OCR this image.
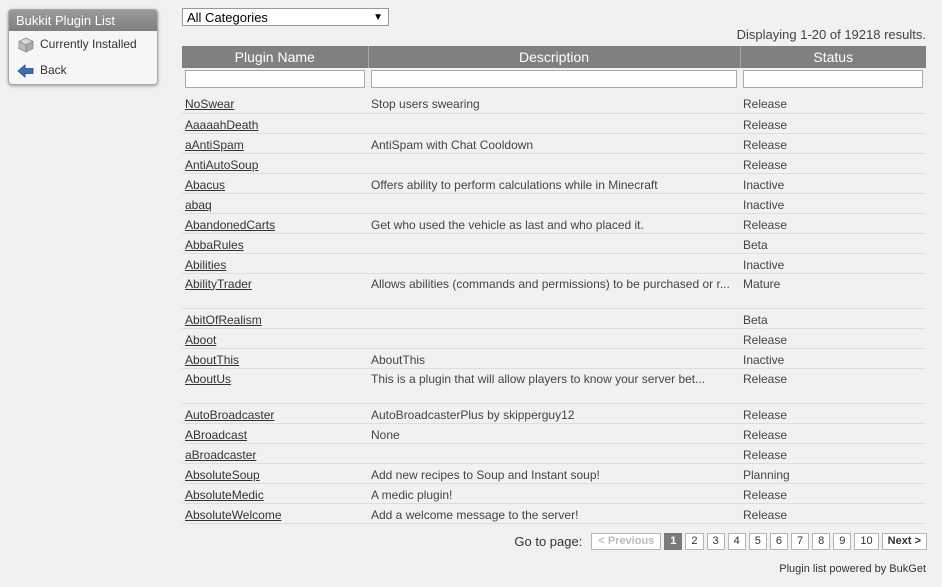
Bukkit Plugin List
Currently Installed
Back
All Categories	▼
Displaying 1-20 of 19218 results.
Plugin Name	Description	Status

NoSwear	Stop users swearing	Release
AaaaahDeath		Release
aAntiSpam	AntiSpam with Chat Cooldown	Release
AntiAutoSoup		Release
Abacus	Offers ability to perform calculations while in Minecraft	Inactive
abaq		Inactive
AbandonedCarts	Get who used the vehicle as last and who placed it.	Release
AbbaRules		Beta
Abilities		Inactive
AbilityTrader	Allows abilities (commands and permissions) to be purchased or r...	Mature
AbitOfRealism		Beta
Aboot		Release
AboutThis	AboutThis	Inactive
AboutUs	This is a plugin that will allow players to know your server bet...	Release
AutoBroadcaster	AutoBroadcasterPlus by skipperguy12	Release
ABroadcast	None	Release
aBroadcaster		Release
AbsoluteSoup	Add new recipes to Soup and Instant soup!	Planning
AbsoluteMedic	A medic plugin!	Release
AbsoluteWelcome	Add a welcome message to the server!	Release
Go to page:	< Previous	1	2	3	4	5	6	7	8	9	10	Next >
Plugin list powered by BukGet
